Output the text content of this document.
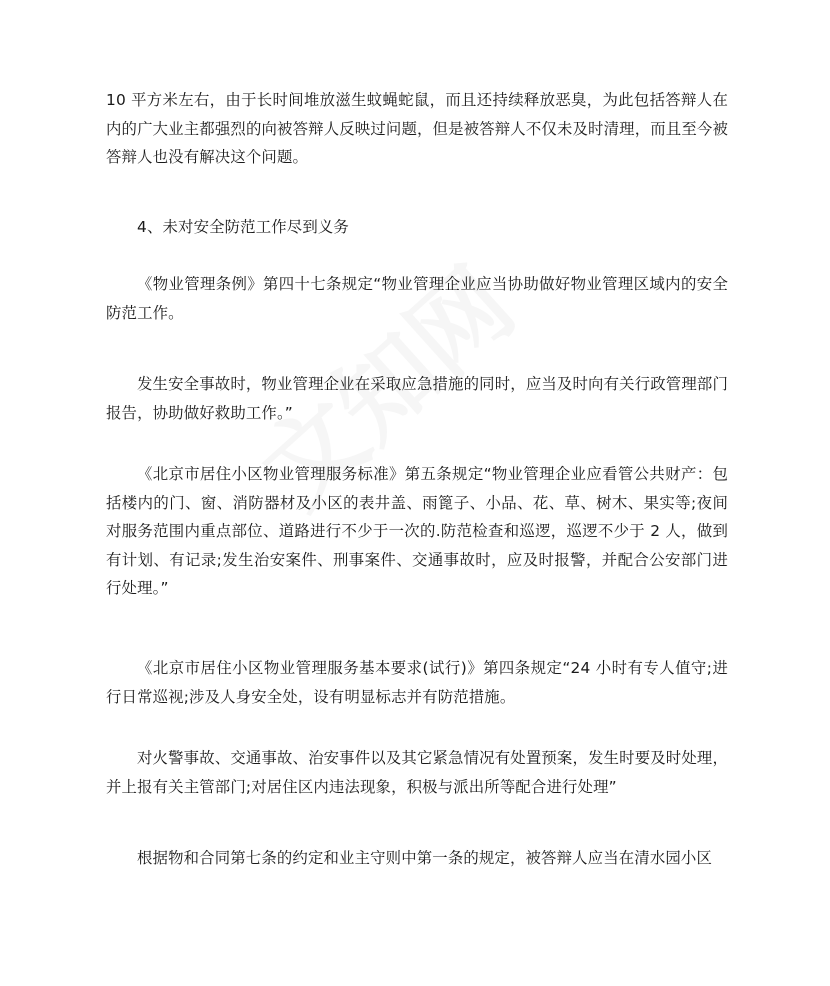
10 平方米左右，由于长时间堆放滋生蚊蝇蛇鼠，而且还持续释放恶臭，为此包括答辩人在内的广大业主都强烈的向被答辩人反映过问题，但是被答辩人不仅未及时清理，而且至今被答辩人也没有解决这个问题。

4、未对安全防范工作尽到义务

《物业管理条例》第四十七条规定“物业管理企业应当协助做好物业管理区域内的安全防范工作。

发生安全事故时，物业管理企业在采取应急措施的同时，应当及时向有关行政管理部门报告，协助做好救助工作。”

《北京市居住小区物业管理服务标准》第五条规定“物业管理企业应看管公共财产：包括楼内的门、窗、消防器材及小区的表井盖、雨篦子、小品、花、草、树木、果实等;夜间对服务范围内重点部位、道路进行不少于一次的.防范检查和巡逻，巡逻不少于 2 人，做到有计划、有记录;发生治安案件、刑事案件、交通事故时，应及时报警，并配合公安部门进行处理。”

《北京市居住小区物业管理服务基本要求(试行)》第四条规定“24 小时有专人值守;进行日常巡视;涉及人身安全处，设有明显标志并有防范措施。

对火警事故、交通事故、治安事件以及其它紧急情况有处置预案，发生时要及时处理，并上报有关主管部门;对居住区内违法现象，积极与派出所等配合进行处理”

根据物和合同第七条的约定和业主守则中第一条的规定，被答辩人应当在清水园小区
